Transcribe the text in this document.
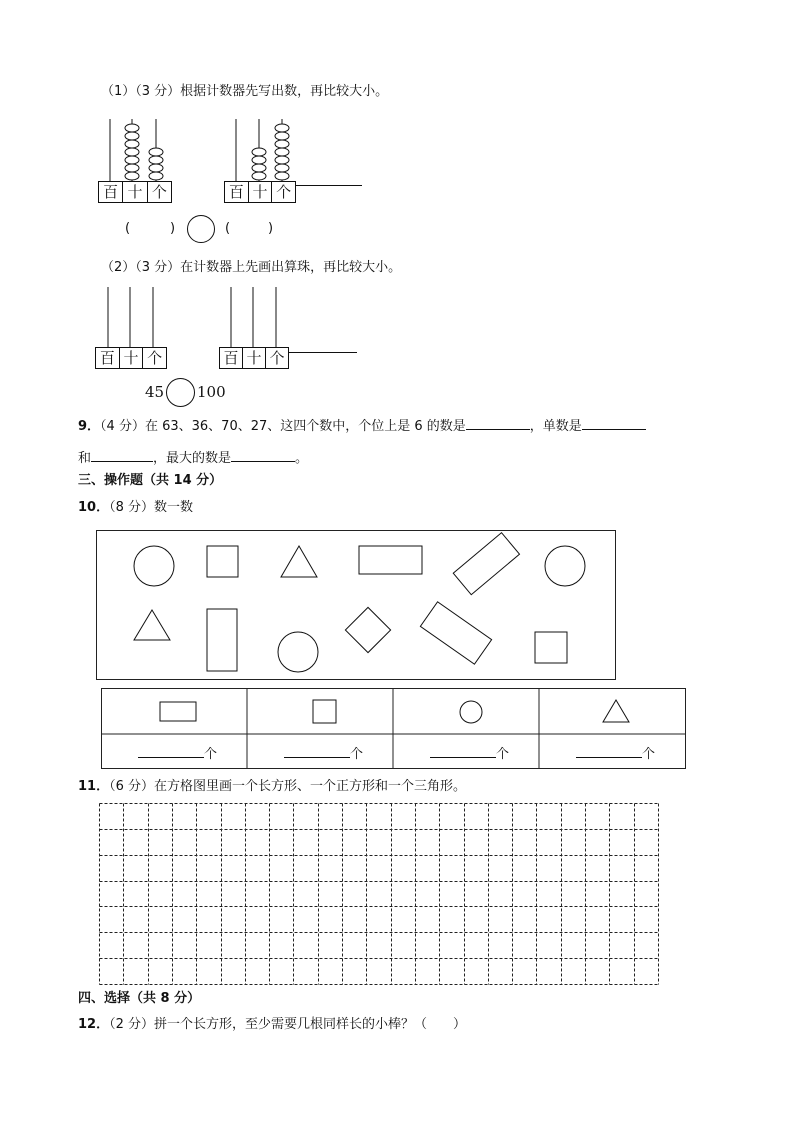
（1）（3 分）根据计数器先写出数，再比较大小。
百 十 个	百 十 个
(	)	(	)
（2）（3 分）在计数器上先画出算珠，再比较大小。
百 十 个	百 十 个
45 100
9．（4 分）在 63、36、70、27、这四个数中，个位上是 6 的数是	，单数是
和	，最大的数是	。
三、操作题（共 14 分）
10．（8 分）数一数
个	个	个	个
11．（6 分）在方格图里画一个长方形、一个正方形和一个三角形。
四、选择（共 8 分）
12．（2 分）拼一个长方形，至少需要几根同样长的小棒？（　　）
